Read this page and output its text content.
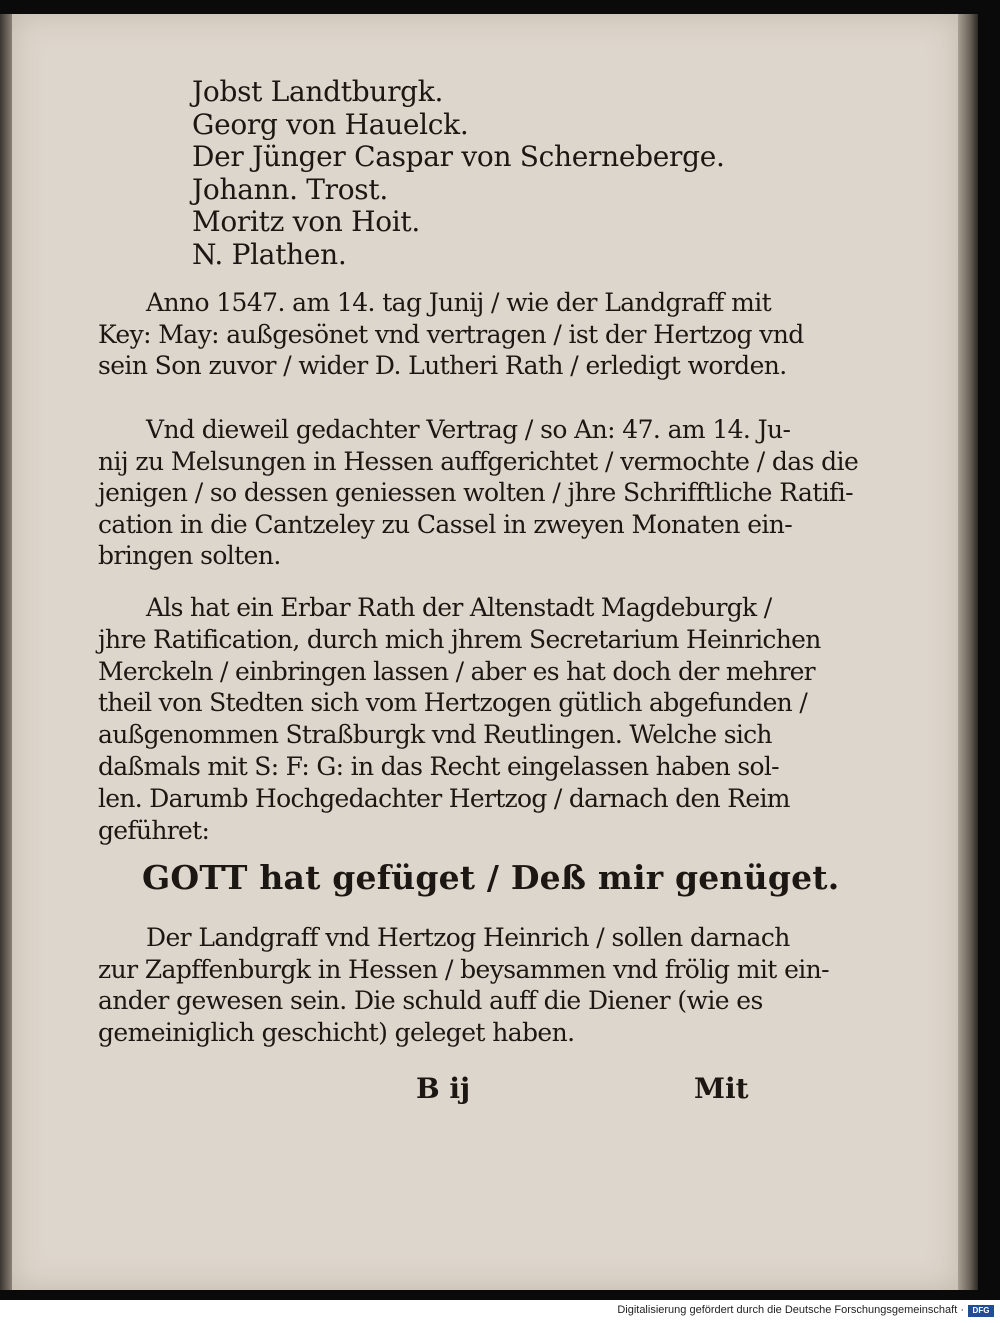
Jobst Landtburgk.
Georg von Hauelck.
Der Jünger Caspar von Scherneberge.
Johann. Trost.
Moritz von Hoit.
N. Plathen.
Anno 1547. am 14. tag Junij / wie der Landgraff mit
Key: May: außgesönet vnd vertragen / ist der Hertzog vnd
sein Son zuvor / wider D. Lutheri Rath / erledigt worden.
Vnd dieweil gedachter Vertrag / so An: 47. am 14. Ju-
nij zu Melsungen in Hessen auffgerichtet / vermochte / das die
jenigen / so dessen geniessen wolten / jhre Schrifftliche Ratifi-
cation in die Cantzeley zu Cassel in zweyen Monaten ein-
bringen solten.
Als hat ein Erbar Rath der Altenstadt Magdeburgk /
jhre Ratification, durch mich jhrem Secretarium Heinrichen
Merckeln / einbringen lassen / aber es hat doch der mehrer
theil von Stedten sich vom Hertzogen gütlich abgefunden /
außgenommen Straßburgk vnd Reutlingen. Welche sich
daßmals mit S: F: G: in das Recht eingelassen haben sol-
len. Darumb Hochgedachter Hertzog / darnach den Reim
geführet:
GOTT hat gefüget / Deß mir genüget.
Der Landgraff vnd Hertzog Heinrich / sollen darnach
zur Zapffenburgk in Hessen / beysammen vnd frölig mit ein-
ander gewesen sein. Die schuld auff die Diener (wie es
gemeiniglich geschicht) geleget haben.
B ij	Mit
Digitalisierung gefördert durch die Deutsche Forschungsgemeinschaft ·	DFG
